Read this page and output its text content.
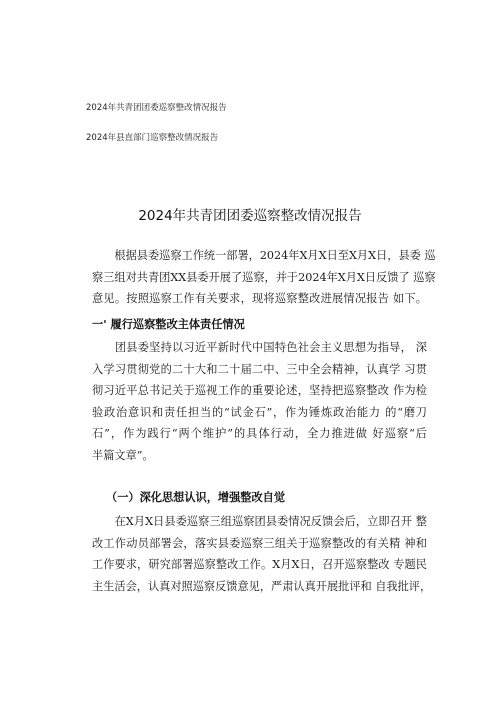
2024年共青团团委巡察整改情况报告
2024年县直部门巡察整改情况报告
2024年共青团团委巡察整改情况报告
　　根据县委巡察工作统一部署，2024年X月X日至X月X日，县委 巡
察三组对共青团XX县委开展了巡察，并于2024年X月X日反馈了 巡察
意见。按照巡察工作有关要求，现将巡察整改进展情况报告 如下。
一' 履行巡察整改主体责任情况
　　团县委坚持以习近平新时代中国特色社会主义思想为指导， 深
入学习贯彻党的二十大和二十届二中、三中全会精神，认真学 习贯
彻习近平总书记关于巡视工作的重要论述，坚持把巡察整改 作为检
验政治意识和责任担当的“试金石”，作为锤炼政治能力 的“磨刀
石”，作为践行“两个维护”的具体行动，全力推进做 好巡察“后
半篇文章”。
（一）深化思想认识，增强整改自觉
　　在X月X日县委巡察三组巡察团县委情况反馈会后，立即召开 整
改工作动员部署会，落实县委巡察三组关于巡察整改的有关精 神和
工作要求，研究部署巡察整改工作。X月X日，召开巡察整改 专题民
主生活会，认真对照巡察反馈意见，严肃认真开展批评和 自我批评，
